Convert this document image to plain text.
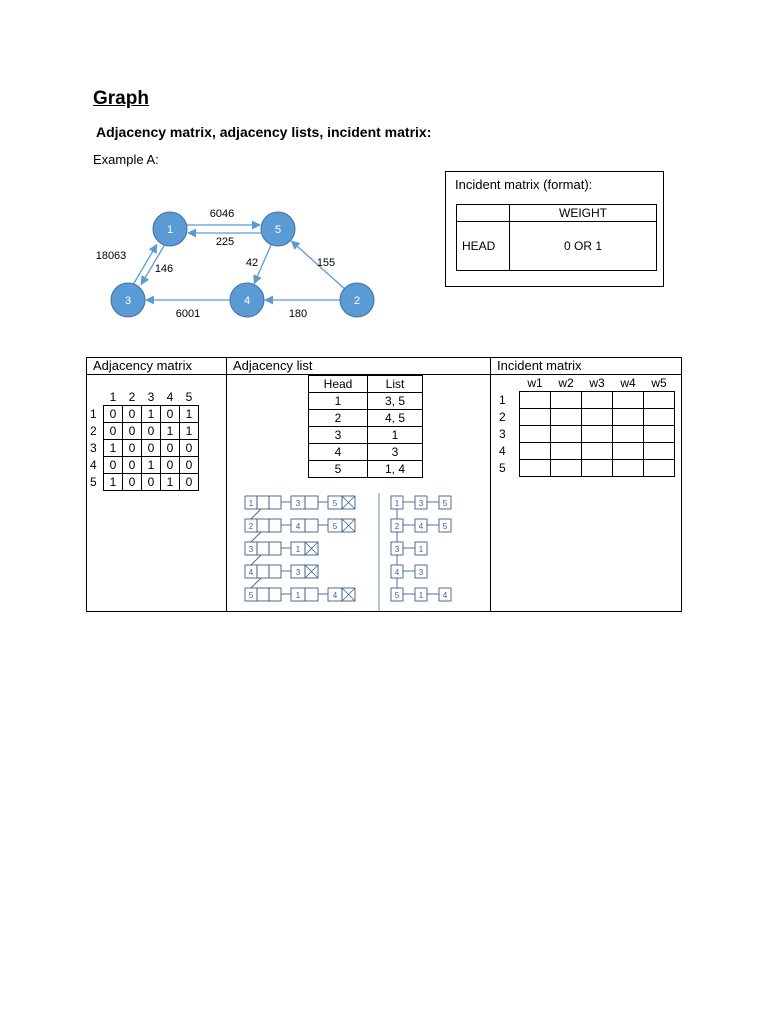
Graph
Adjacency matrix, adjacency lists, incident matrix:
Example A:
1	5
3	4	2
6046
225
18063
146	42	155
6001	180
Incident matrix (format):
	WEIGHT
HEAD	0 OR 1
Adjacency matrix	Adjacency list	Incident matrix

	1	2	3	4	5
1	0	0	1	0	1
2	0	0	0	1	1
3	1	0	0	0	0
4	0	0	1	0	0
5	1	0	0	1	0

Head	List
1	3, 5
2	4, 5
3	1
4	3
5	1, 4
1	3	5
2	4	5
3	1
4	3
5	1	4
1 3 5
2 4 5
3 1
4 3
5 1 4

	w1	w2	w3	w4	w5
1					
2					
3					
4					
5					
